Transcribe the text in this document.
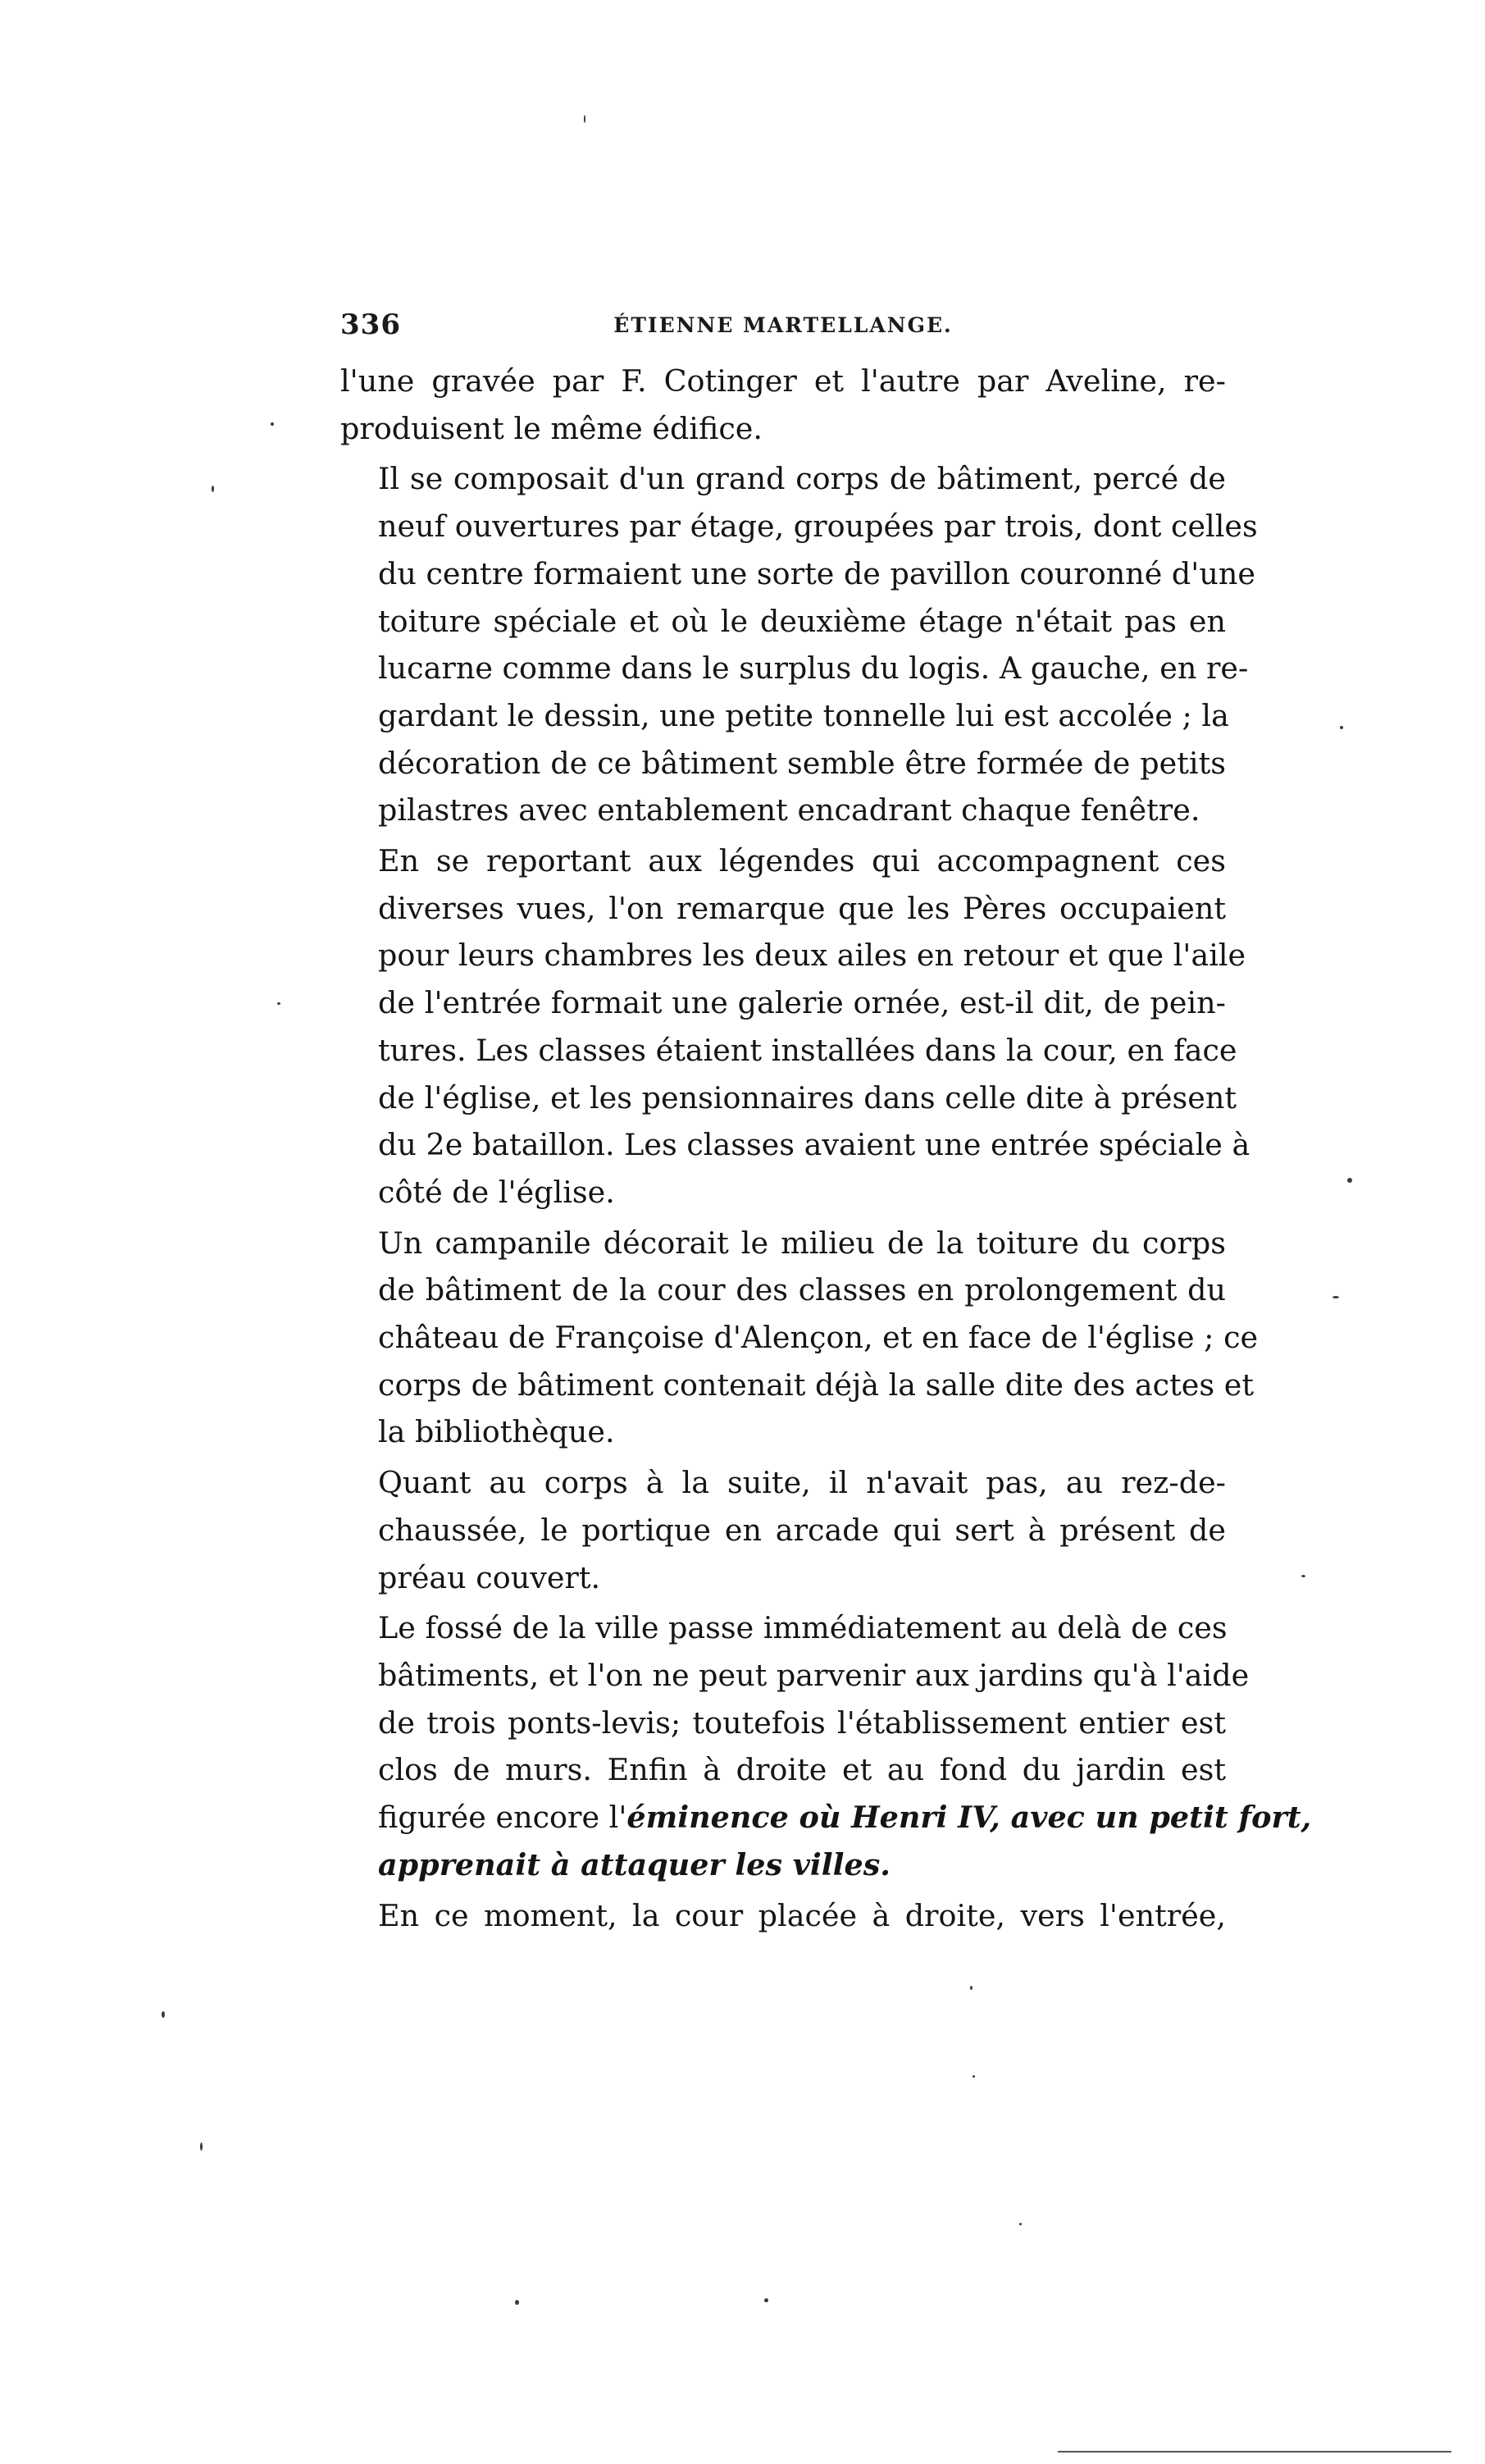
336	ÉTIENNE MARTELLANGE.

l'une gravée par F. Cotinger et l'autre par Aveline, re-
produisent le même édifice.

Il se composait d'un grand corps de bâtiment, percé de
neuf ouvertures par étage, groupées par trois, dont celles
du centre formaient une sorte de pavillon couronné d'une
toiture spéciale et où le deuxième étage n'était pas en
lucarne comme dans le surplus du logis. A gauche, en re-
gardant le dessin, une petite tonnelle lui est accolée ; la
décoration de ce bâtiment semble être formée de petits
pilastres avec entablement encadrant chaque fenêtre.

En se reportant aux légendes qui accompagnent ces
diverses vues, l'on remarque que les Pères occupaient
pour leurs chambres les deux ailes en retour et que l'aile
de l'entrée formait une galerie ornée, est-il dit, de pein-
tures. Les classes étaient installées dans la cour, en face
de l'église, et les pensionnaires dans celle dite à présent
du 2e bataillon. Les classes avaient une entrée spéciale à
côté de l'église.

Un campanile décorait le milieu de la toiture du corps
de bâtiment de la cour des classes en prolongement du
château de Françoise d'Alençon, et en face de l'église ; ce
corps de bâtiment contenait déjà la salle dite des actes et
la bibliothèque.

Quant au corps à la suite, il n'avait pas, au rez-de-
chaussée, le portique en arcade qui sert à présent de
préau couvert.

Le fossé de la ville passe immédiatement au delà de ces
bâtiments, et l'on ne peut parvenir aux jardins qu'à l'aide
de trois ponts-levis; toutefois l'établissement entier est
clos de murs. Enfin à droite et au fond du jardin est
figurée encore l'éminence où Henri IV, avec un petit fort,
apprenait à attaquer les villes.

En ce moment, la cour placée à droite, vers l'entrée,
